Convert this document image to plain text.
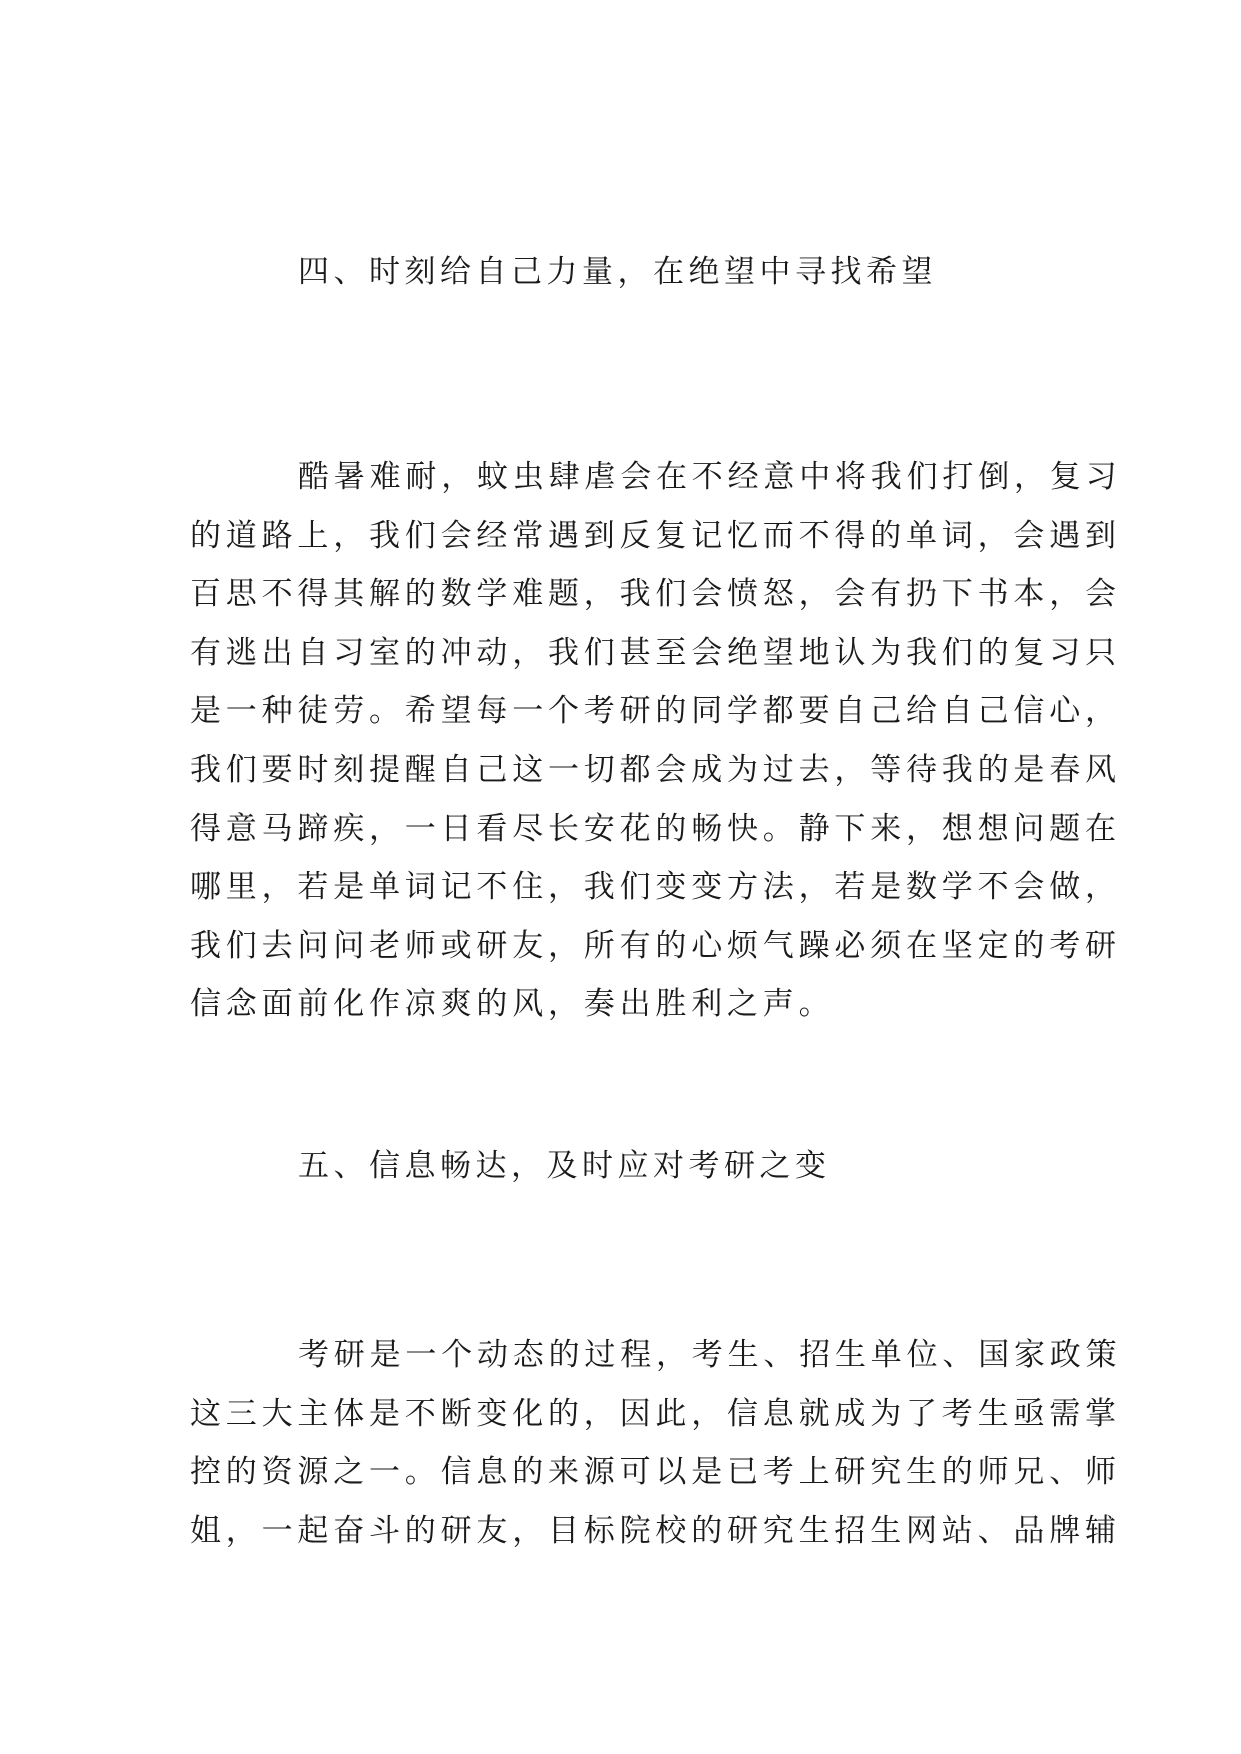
四、时刻给自己力量，在绝望中寻找希望

酷暑难耐，蚊虫肆虐会在不经意中将我们打倒，复习
的道路上，我们会经常遇到反复记忆而不得的单词，会遇到
百思不得其解的数学难题，我们会愤怒，会有扔下书本，会
有逃出自习室的冲动，我们甚至会绝望地认为我们的复习只
是一种徒劳。希望每一个考研的同学都要自己给自己信心，
我们要时刻提醒自己这一切都会成为过去，等待我的是春风
得意马蹄疾，一日看尽长安花的畅快。静下来，想想问题在
哪里，若是单词记不住，我们变变方法，若是数学不会做，
我们去问问老师或研友，所有的心烦气躁必须在坚定的考研
信念面前化作凉爽的风，奏出胜利之声。

五、信息畅达，及时应对考研之变

考研是一个动态的过程，考生、招生单位、国家政策
这三大主体是不断变化的，因此，信息就成为了考生亟需掌
控的资源之一。信息的来源可以是已考上研究生的师兄、师
姐，一起奋斗的研友，目标院校的研究生招生网站、品牌辅
